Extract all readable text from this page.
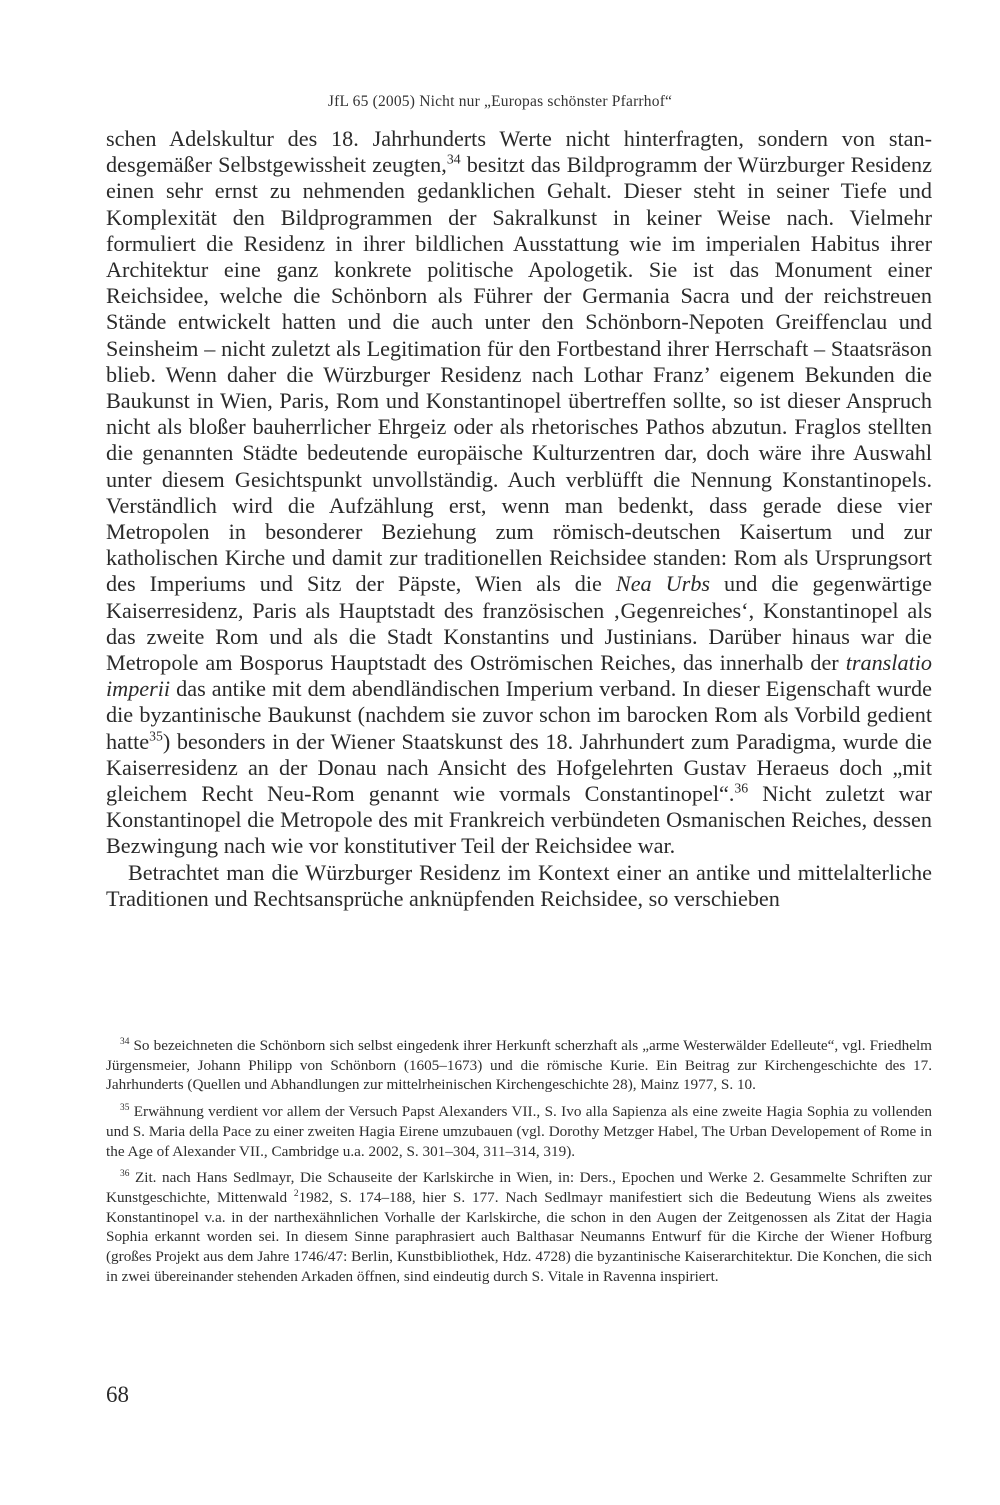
JfL 65 (2005) Nicht nur „Europas schönster Pfarrhof“

schen Adelskultur des 18. Jahrhunderts Werte nicht hinterfragten, sondern von standesgemäßer Selbstgewissheit zeugten,$^{34}$ besitzt das Bildprogramm der Würzburger Residenz einen sehr ernst zu nehmenden gedanklichen Gehalt. Dieser steht in seiner Tiefe und Komplexität den Bildprogrammen der Sakralkunst in keiner Weise nach. Vielmehr formuliert die Residenz in ihrer bildlichen Ausstattung wie im imperialen Habitus ihrer Architektur eine ganz konkrete politische Apologetik. Sie ist das Monument einer Reichsidee, welche die Schönborn als Führer der Germania Sacra und der reichstreuen Stände entwickelt hatten und die auch unter den Schönborn-Nepoten Greiffenclau und Seinsheim – nicht zuletzt als Legitimation für den Fortbestand ihrer Herrschaft – Staatsräson blieb. Wenn daher die Würzburger Residenz nach Lothar Franz’ eigenem Bekunden die Baukunst in Wien, Paris, Rom und Konstantinopel übertreffen sollte, so ist dieser Anspruch nicht als bloßer bauherrlicher Ehrgeiz oder als rhetorisches Pathos abzutun. Fraglos stellten die genannten Städte bedeutende europäische Kulturzentren dar, doch wäre ihre Auswahl unter diesem Gesichtspunkt unvollständig. Auch verblüfft die Nennung Konstantinopels. Verständlich wird die Aufzählung erst, wenn man bedenkt, dass gerade diese vier Metropolen in besonderer Beziehung zum römisch-deutschen Kaisertum und zur katholischen Kirche und damit zur traditionellen Reichsidee standen: Rom als Ursprungsort des Imperiums und Sitz der Päpste, Wien als die Nea Urbs und die gegenwärtige Kaiserresidenz, Paris als Hauptstadt des französischen ‚Gegenreiches‘, Konstantinopel als das zweite Rom und als die Stadt Konstantins und Justinians. Darüber hinaus war die Metropole am Bosporus Hauptstadt des Oströmischen Reiches, das innerhalb der translatio imperii das antike mit dem abendländischen Imperium verband. In dieser Eigenschaft wurde die byzantinische Baukunst (nachdem sie zuvor schon im barocken Rom als Vorbild gedient hatte$^{35}$) besonders in der Wiener Staatskunst des 18. Jahrhundert zum Paradigma, wurde die Kaiserresidenz an der Donau nach Ansicht des Hofgelehrten Gustav Heraeus doch „mit gleichem Recht Neu-Rom genannt wie vormals Constantinopel“.$^{36}$ Nicht zuletzt war Konstantinopel die Metropole des mit Frankreich verbündeten Osmanischen Reiches, dessen Bezwingung nach wie vor konstitutiver Teil der Reichsidee war.

Betrachtet man die Würzburger Residenz im Kontext einer an antike und mittelalterliche Traditionen und Rechtsansprüche anknüpfenden Reichsidee, so verschieben

$^{34}$ So bezeichneten die Schönborn sich selbst eingedenk ihrer Herkunft scherzhaft als „arme Westerwälder Edelleute“, vgl. Friedhelm Jürgensmeier, Johann Philipp von Schönborn (1605–1673) und die römische Kurie. Ein Beitrag zur Kirchengeschichte des 17. Jahrhunderts (Quellen und Abhandlungen zur mittelrheinischen Kirchengeschichte 28), Mainz 1977, S. 10.

$^{35}$ Erwähnung verdient vor allem der Versuch Papst Alexanders VII., S. Ivo alla Sapienza als eine zweite Hagia Sophia zu vollenden und S. Maria della Pace zu einer zweiten Hagia Eirene umzubauen (vgl. Dorothy Metzger Habel, The Urban Developement of Rome in the Age of Alexander VII., Cambridge u.a. 2002, S. 301–304, 311–314, 319).

$^{36}$ Zit. nach Hans Sedlmayr, Die Schauseite der Karlskirche in Wien, in: Ders., Epochen und Werke 2. Gesammelte Schriften zur Kunstgeschichte, Mittenwald $^2$1982, S. 174–188, hier S. 177. Nach Sedlmayr manifestiert sich die Bedeutung Wiens als zweites Konstantinopel v.a. in der narthexähnlichen Vorhalle der Karlskirche, die schon in den Augen der Zeitgenossen als Zitat der Hagia Sophia erkannt worden sei. In diesem Sinne paraphrasiert auch Balthasar Neumanns Entwurf für die Kirche der Wiener Hofburg (großes Projekt aus dem Jahre 1746/47: Berlin, Kunstbibliothek, Hdz. 4728) die byzantinische Kaiserarchitektur. Die Konchen, die sich in zwei übereinander stehenden Arkaden öffnen, sind eindeutig durch S. Vitale in Ravenna inspiriert.

68
